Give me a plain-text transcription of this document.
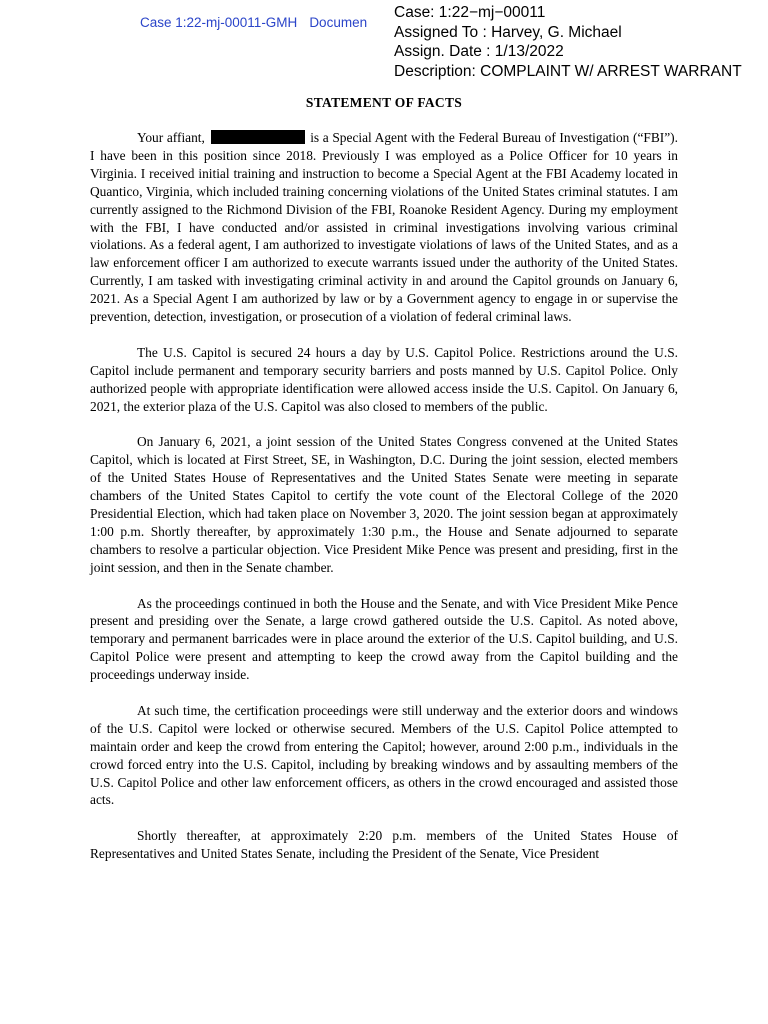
Case 1:22-mj-00011-GMH Documen
Case: 1:22−mj−00011
Assigned To : Harvey, G. Michael
Assign. Date : 1/13/2022
Description: COMPLAINT W/ ARREST WARRANT
STATEMENT OF FACTS

Your affiant,	is a Special Agent with the Federal Bureau of Investigation (“FBI”). I have been in this position since 2018. Previously I was employed as a Police Officer for 10 years in Virginia. I received initial training and instruction to become a Special Agent at the FBI Academy located in Quantico, Virginia, which included training concerning violations of the United States criminal statutes. I am currently assigned to the Richmond Division of the FBI, Roanoke Resident Agency. During my employment with the FBI, I have conducted and/or assisted in criminal investigations involving various criminal violations. As a federal agent, I am authorized to investigate violations of laws of the United States, and as a law enforcement officer I am authorized to execute warrants issued under the authority of the United States. Currently, I am tasked with investigating criminal activity in and around the Capitol grounds on January 6, 2021. As a Special Agent I am authorized by law or by a Government agency to engage in or supervise the prevention, detection, investigation, or prosecution of a violation of federal criminal laws.

The U.S. Capitol is secured 24 hours a day by U.S. Capitol Police. Restrictions around the U.S. Capitol include permanent and temporary security barriers and posts manned by U.S. Capitol Police. Only authorized people with appropriate identification were allowed access inside the U.S. Capitol. On January 6, 2021, the exterior plaza of the U.S. Capitol was also closed to members of the public.

On January 6, 2021, a joint session of the United States Congress convened at the United States Capitol, which is located at First Street, SE, in Washington, D.C. During the joint session, elected members of the United States House of Representatives and the United States Senate were meeting in separate chambers of the United States Capitol to certify the vote count of the Electoral College of the 2020 Presidential Election, which had taken place on November 3, 2020. The joint session began at approximately 1:00 p.m. Shortly thereafter, by approximately 1:30 p.m., the House and Senate adjourned to separate chambers to resolve a particular objection. Vice President Mike Pence was present and presiding, first in the joint session, and then in the Senate chamber.

As the proceedings continued in both the House and the Senate, and with Vice President Mike Pence present and presiding over the Senate, a large crowd gathered outside the U.S. Capitol. As noted above, temporary and permanent barricades were in place around the exterior of the U.S. Capitol building, and U.S. Capitol Police were present and attempting to keep the crowd away from the Capitol building and the proceedings underway inside.

At such time, the certification proceedings were still underway and the exterior doors and windows of the U.S. Capitol were locked or otherwise secured. Members of the U.S. Capitol Police attempted to maintain order and keep the crowd from entering the Capitol; however, around 2:00 p.m., individuals in the crowd forced entry into the U.S. Capitol, including by breaking windows and by assaulting members of the U.S. Capitol Police and other law enforcement officers, as others in the crowd encouraged and assisted those acts.

Shortly thereafter, at approximately 2:20 p.m. members of the United States House of Representatives and United States Senate, including the President of the Senate, Vice President
